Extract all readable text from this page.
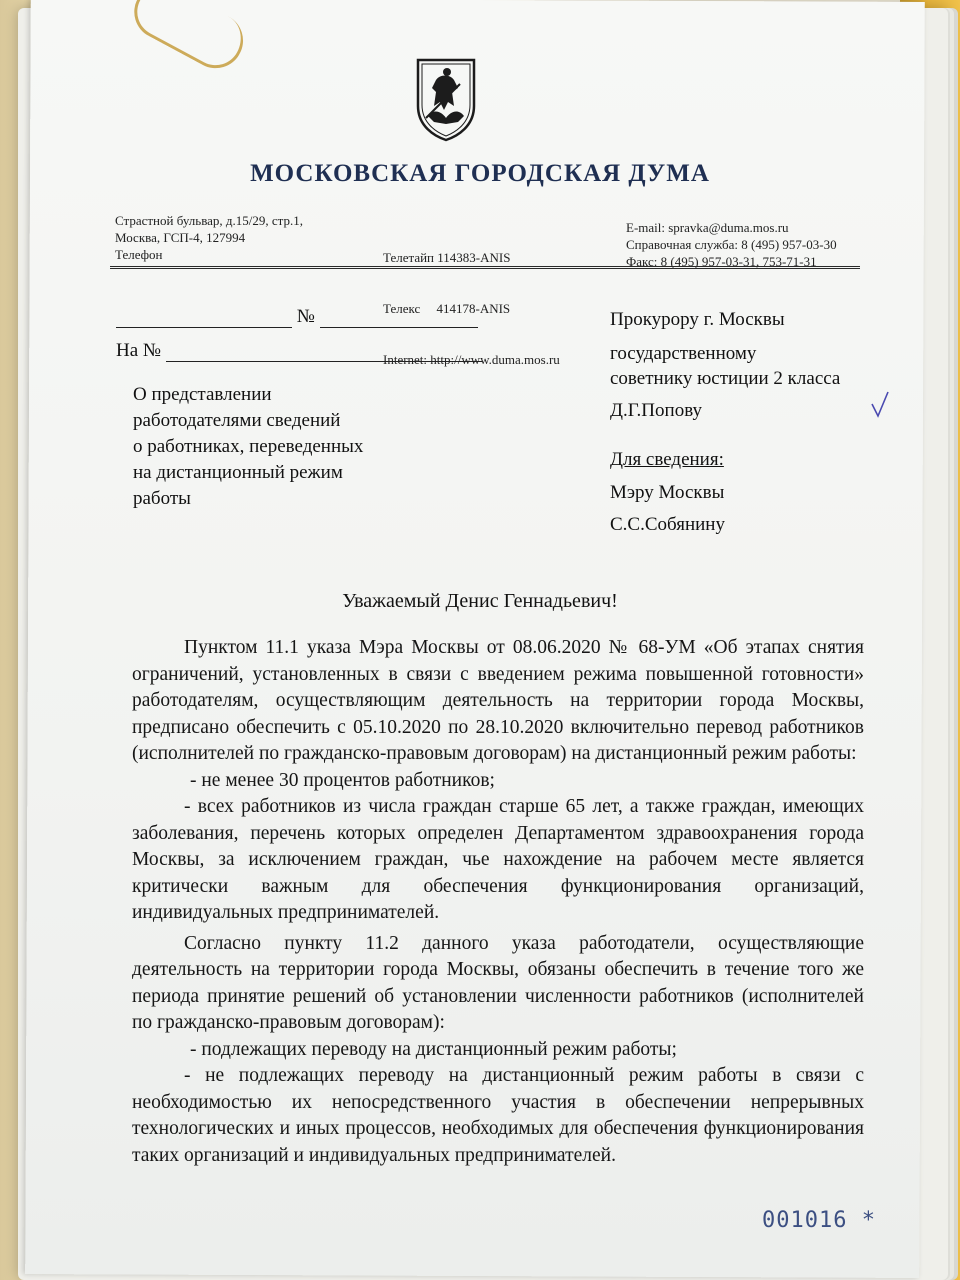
МОСКОВСКАЯ ГОРОДСКАЯ ДУМА
Страстной бульвар, д.15/29, стр.1,
Москва, ГСП-4, 127994
Телефон

	Телетайп 114383-ANIS

Телекс     414178-ANIS

Internet: http://www.duma.mos.ru

E-mail: spravka@duma.mos.ru
Справочная служба: 8 (495) 957-03-30
Факс: 8 (495) 957-03-31, 753-71-31
№
На №
О представлении
работодателями сведений
о работниках, переведенных
на дистанционный режим
работы
Прокурору г. Москвы
государственному
советнику юстиции 2 класса
Д.Г.Попову
Для сведения:
Мэру Москвы
С.С.Собянину
Уважаемый Денис Геннадьевич!

Пунктом 11.1 указа Мэра Москвы от 08.06.2020 № 68-УМ «Об этапах снятия ограничений, установленных в связи с введением режима повышенной готовности» работодателям, осуществляющим деятельность на территории города Москвы, предписано обеспечить с 05.10.2020 по 28.10.2020 включительно перевод работников (исполнителей по гражданско-правовым договорам) на дистанционный режим работы:

- не менее 30 процентов работников;

- всех работников из числа граждан старше 65 лет, а также граждан, имеющих заболевания, перечень которых определен Департаментом здравоохранения города Москвы, за исключением граждан, чье нахождение на рабочем месте является критически важным для обеспечения функционирования организаций, индивидуальных предпринимателей.

Согласно пункту 11.2 данного указа работодатели, осуществляющие деятельность на территории города Москвы, обязаны обеспечить в течение того же периода принятие решений об установлении численности работников (исполнителей по гражданско-правовым договорам):

- подлежащих переводу на дистанционный режим работы;

- не подлежащих переводу на дистанционный режим работы в связи с необходимостью их непосредственного участия в обеспечении непрерывных технологических и иных процессов, необходимых для обеспечения функционирования таких организаций и индивидуальных предпринимателей.

001016 *
